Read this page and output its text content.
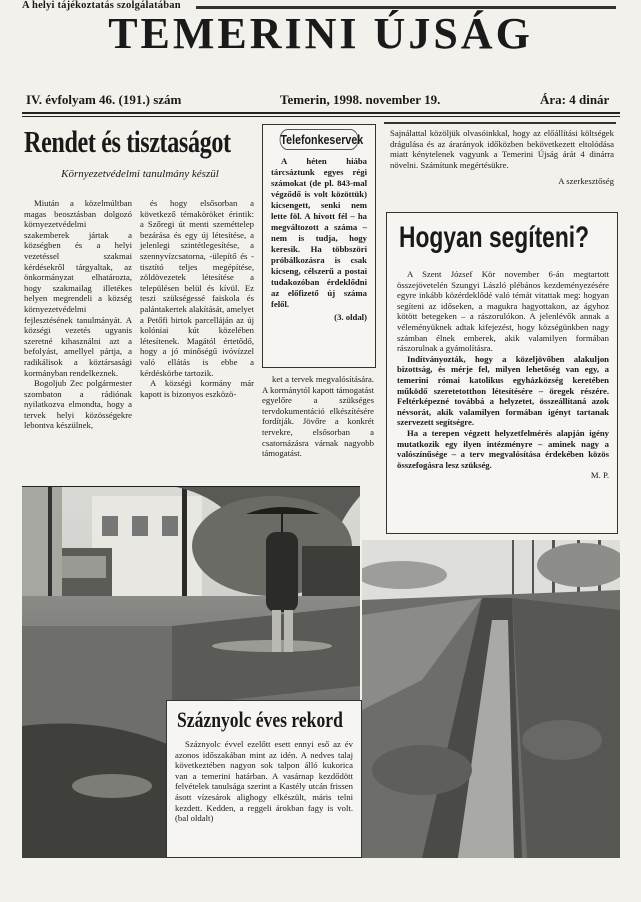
A helyi tájékoztatás szolgálatában
TEMERINI ÚJSÁG
IV. évfolyam 46. (191.) szám	Temerin, 1998. november 19.	Ára: 4 dinár
Rendet és tisztaságot
Környezetvédelmi tanulmány készül

Miután a közelmúltban magas beosztásban dolgozó környezetvédelmi szakemberek jártak a községben és a helyi vezetéssel szakmai kérdésekről tárgyaltak, az önkormányzat elhatározta, hogy szakmailag illetékes helyen megrendeli a község környezetvédelmi fejlesztésének tanulmányát. A községi vezetés ugyanis szeretné kihasználni azt a befolyást, amellyel pártja, a radikálisok a köztársasági kormányban rendelkeznek.

Bogoljub Zec polgármester szombaton a rádiónak nyilatkozva elmondta, hogy a tervek helyi közösségekre lebontva készülnek,

és hogy elsősorban a következő témaköröket érintik: a Szőregi út menti szeméttelep bezárása és egy új létesítése, a jelenlegi szintétlegesítése, a szennyvízcsatorna, -ülepítő és -tisztító teljes megépítése, zöldövezetek létesítése a településen belül és kívül. Ez teszi szükségessé faiskola és palántakertek alakítását, amelyet a Petőfi birtok parcelláján az új kolóniai kút közelében létesítenek. Magától értetődő, hogy a jó minőségű ivóvízzel való ellátás is ebbe a kérdéskörbe tartozik.

A községi kormány már kapott is bizonyos eszközö-

ket a tervek megvalósítására. A kormánytól kapott támogatást egyelőre a szükséges tervdokumentáció elkészítésére fordítják. Jövőre a konkrét tervekre, elsősorban a csatornázásra várnak nagyobb támogatást.

Telefonkeservek

A héten hiába tárcsáztunk egyes régi számokat (de pl. 843-mal végződő is volt közöttük) kicsengett, senki nem lette föl. A hívott fél – ha megváltozott a száma – nem is tudja, hogy keresik. Ha többszöri próbálkozásra is csak kicseng, célszerű a postai tudakozóban érdeklődni az előfizető új száma felől.

(3. oldal)

Sajnálattal közöljük olvasóinkkal, hogy az előállítási költségek drágulása és az árarányok időközben bekövetkezett eltolódása miatt kénytelenek vagyunk a Temerini Újság árát 4 dinárra növelni. Számítunk megértésükre.

A szerkesztőség
Hogyan segíteni?

A Szent József Kör november 6-án megtartott összejövetelén Szungyi László plébános kezdeményezésére egyre inkább közérdeklődé való témát vitattak meg: hogyan segíteni az időseken, a magukra hagyottakon, az ágyhoz kötött betegeken – a rászorulókon. A jelenlévők annak a véleményüknek adtak kifejezést, hogy községünkben nagy számban élnek emberek, akik valamilyen formában rászorulnak a gyámolításra.

Indítványozták, hogy a közeljövőben alakuljon bizottság, és mérje fel, milyen lehetőség van egy, a temerini római katolikus egyházközség keretében működő szeretetotthon létesítésére – öregek részére. Feltérképezné továbbá a helyzetet, összeállítaná azok névsorát, akik valamilyen formában igényt tartanak szervezett segítségre.

Ha a terepen végzett helyzetfelmérés alapján igény mutatkozik egy ilyen intézményre – aminek nagy a valószínűsége – a terv megvalósítása érdekében közös összefogásra lesz szükség.

M. P.
Száznyolc éves rekord

Száznyolc évvel ezelőtt esett ennyi eső az év azonos időszakában mint az idén. A nedves talaj következtében nagyon sok talpon álló kukorica van a temerini határban. A vasárnap kezdődött felvételek tanulsága szerint a Kastély utcán frissen ásott vízesárok alighogy elkészült, máris telni kezdett. Kedden, a reggeli árokban fagy is volt. (bal oldalt)
